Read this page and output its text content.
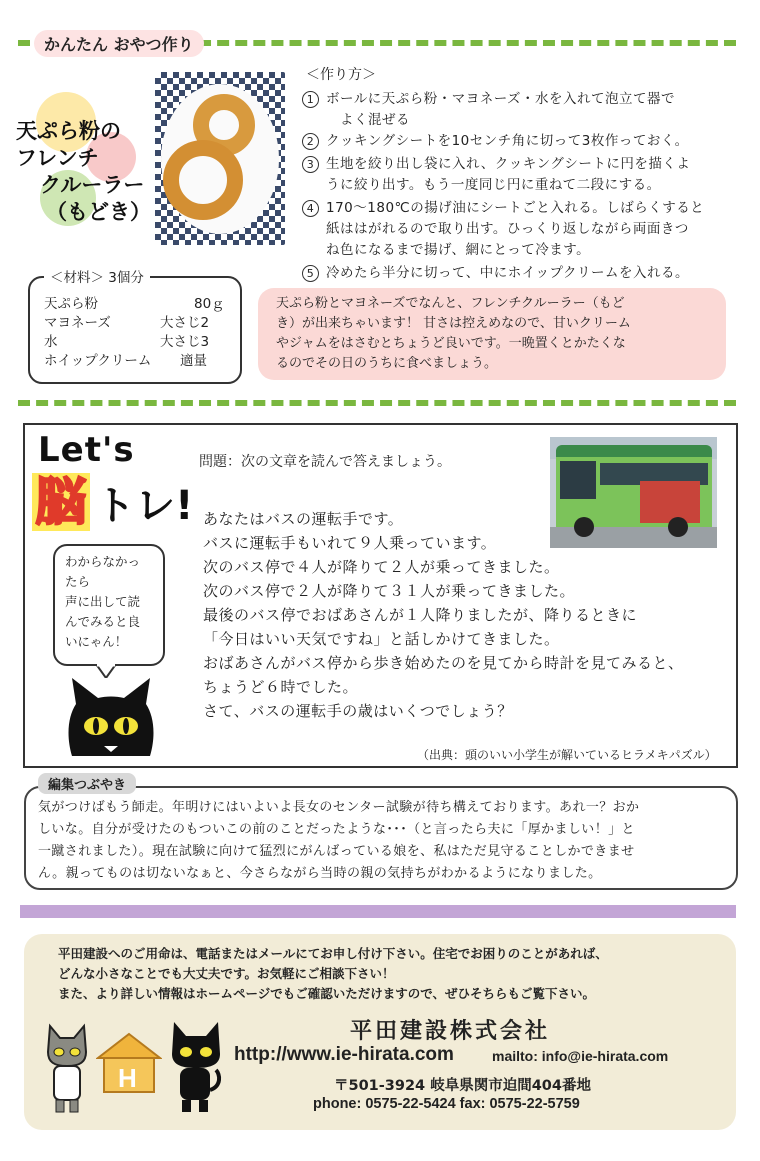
かんたん おやつ作り
天ぷら粉の
フレンチ
クルーラー
（もどき）
＜作り方＞
1 ボールに天ぷら粉・マヨネーズ・水を入れて泡立て器で
よく混ぜる
2 クッキングシートを10センチ角に切って3枚作っておく。
3 生地を絞り出し袋に入れ、クッキングシートに円を描くよ
うに絞り出す。もう一度同じ円に重ねて二段にする。
4 170～180℃の揚げ油にシートごと入れる。しばらくすると
紙ははがれるので取り出す。ひっくり返しながら両面きつ
ね色になるまで揚げ、網にとって冷ます。
5 冷めたら半分に切って、中にホイップクリームを入れる。
＜材料＞ 3個分
天ぷら粉	80ｇ
マヨネーズ	大さじ2
水	大さじ3
ホイップクリーム 適量
天ぷら粉とマヨネーズでなんと、フレンチクルーラー（もど
き）が出来ちゃいます！ 甘さは控えめなので、甘いクリーム
やジャムをはさむとちょうど良いです。一晩置くとかたくな
るのでその日のうちに食べましょう。
Let's
脳 トレ!
問題：次の文章を読んで答えましょう。
あなたはバスの運転手です。
バスに運転手もいれて９人乗っています。
次のバス停で４人が降りて２人が乗ってきました。
次のバス停で２人が降りて３１人が乗ってきました。
最後のバス停でおばあさんが１人降りましたが、降りるときに
「今日はいい天気ですね」と話しかけてきました。
おばあさんがバス停から歩き始めたのを見てから時計を見てみると、
ちょうど６時でした。
さて、バスの運転手の歳はいくつでしょう？
わからなかっ
たら
声に出して読
んでみると良
いにゃん！
（出典：頭のいい小学生が解いているヒラメキパズル）
気がつけばもう師走。年明けにはいよいよ長女のセンター試験が待ち構えております。あれ一？おか
しいな。自分が受けたのもついこの前のことだったような･･･（と言ったら夫に「厚かましい！」と
一蹴されました）。現在試験に向けて猛烈にがんばっている娘を、私はただ見守ることしかできませ
ん。親ってものは切ないなぁと、今さらながら当時の親の気持ちがわかるようになりました。
編集つぶやき
平田建設へのご用命は、電話またはメールにてお申し付け下さい。住宅でお困りのことがあれば、
どんな小さなことでも大丈夫です。お気軽にご相談下さい！
また、より詳しい情報はホームページでもご確認いただけますので、ぜひそちらもご覧下さい。
H
平田建設株式会社
http://www.ie-hirata.com	mailto: info@ie-hirata.com
〒501-3924 岐阜県関市迫間404番地
phone: 0575-22-5424 fax: 0575-22-5759
